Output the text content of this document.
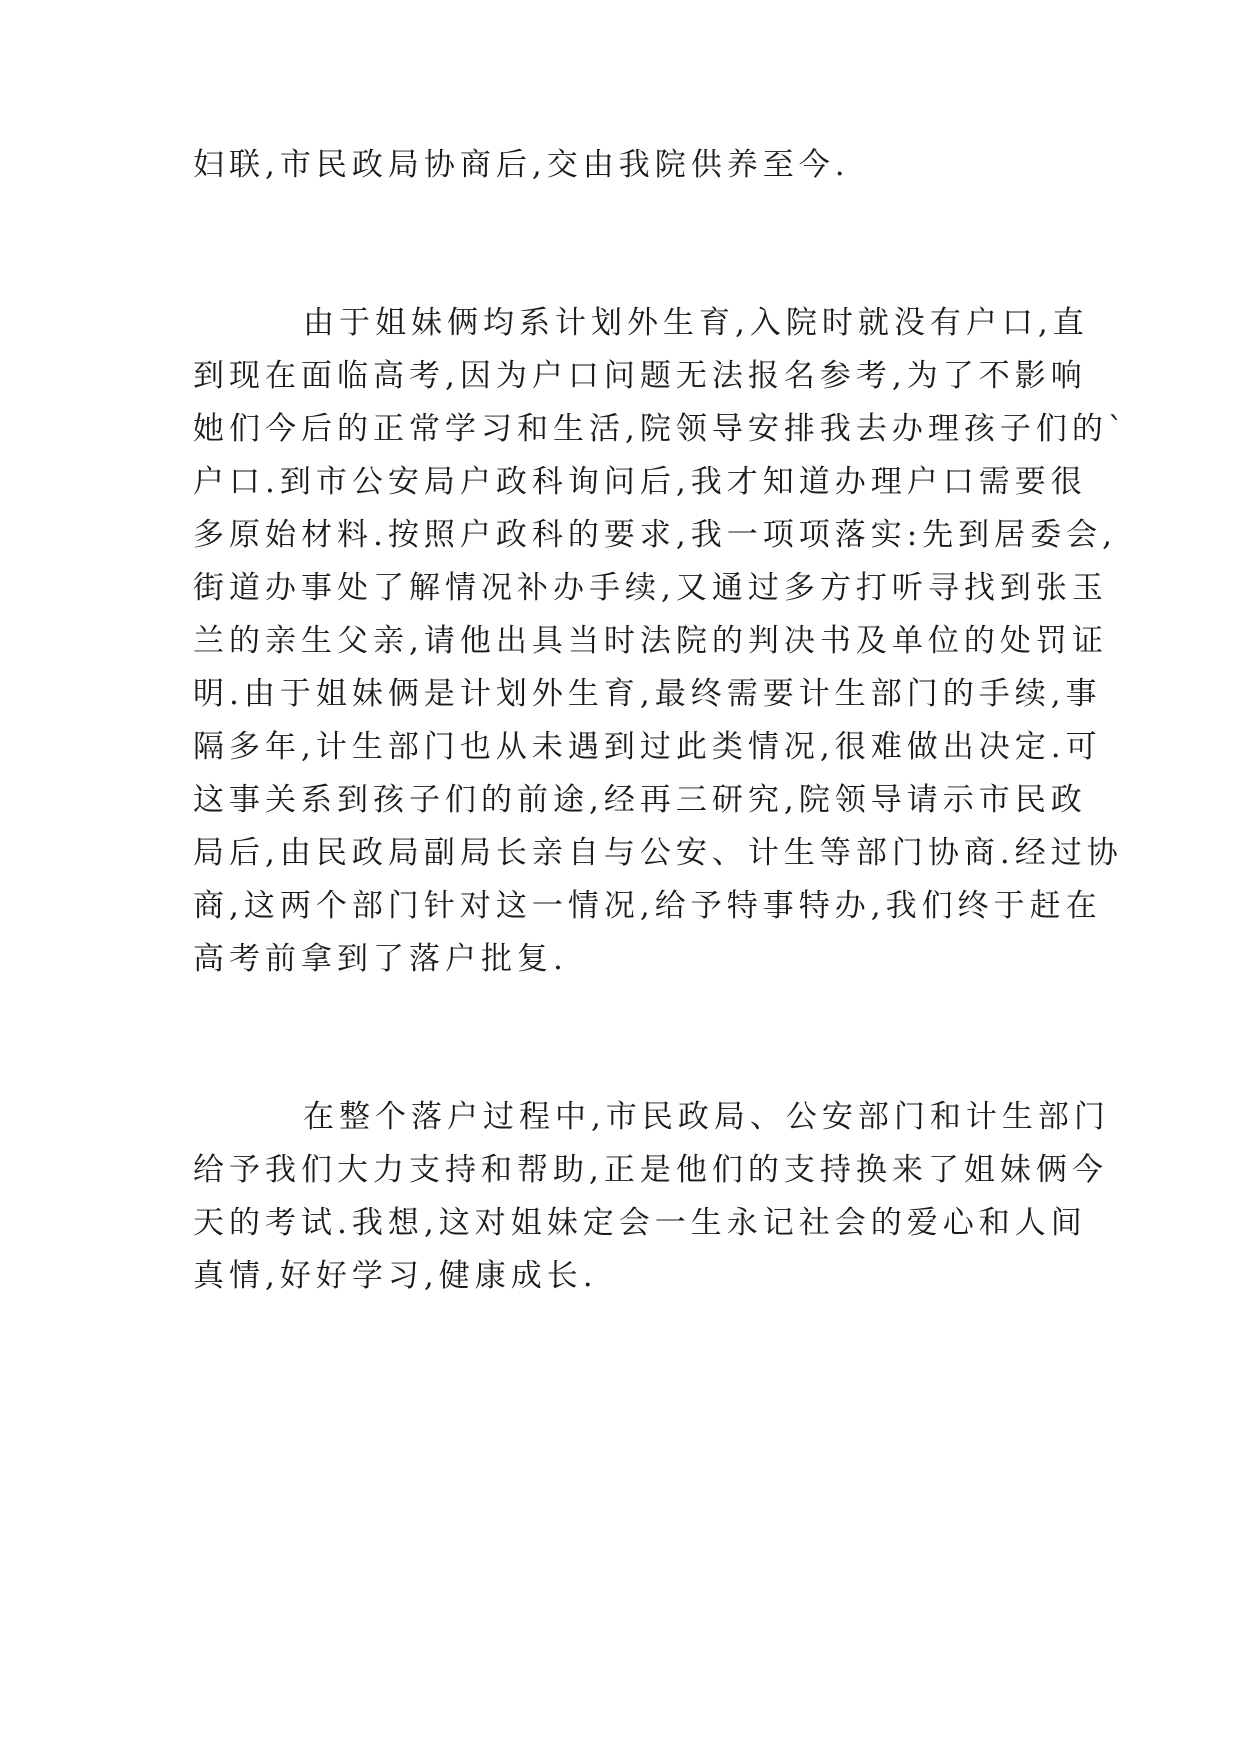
妇联,市民政局协商后,交由我院供养至今.
由 于 姐 妹 俩 均 系 计 划 外 生 育 , 入 院 时 就 没 有 户 口 , 直
到 现 在 面 临 高 考 , 因 为 户 口 问 题 无 法 报 名 参 考 , 为 了 不 影 响
她 们 今 后 的 正 常 学 习 和 生 活 , 院 领 导 安 排 我 去 办 理 孩 子 们 的 `
户 口 . 到 市 公 安 局 户 政 科 询 问 后 , 我 才 知 道 办 理 户 口 需 要 很
多 原 始 材 料 . 按 照 户 政 科 的 要 求 , 我 一 项 项 落 实 : 先 到 居 委 会 ,
街 道 办 事 处 了 解 情 况 补 办 手 续 , 又 通 过 多 方 打 听 寻 找 到 张 玉
兰 的 亲 生 父 亲 , 请 他 出 具 当 时 法 院 的 判 决 书 及 单 位 的 处 罚 证
明 . 由 于 姐 妹 俩 是 计 划 外 生 育 , 最 终 需 要 计 生 部 门 的 手 续 , 事
隔 多 年 , 计 生 部 门 也 从 未 遇 到 过 此 类 情 况 , 很 难 做 出 决 定 . 可
这 事 关 系 到 孩 子 们 的 前 途 , 经 再 三 研 究 , 院 领 导 请 示 市 民 政
局 后 , 由 民 政 局 副 局 长 亲 自 与 公 安 、 计 生 等 部 门 协 商 . 经 过 协
商 , 这 两 个 部 门 针 对 这 一 情 况 , 给 予 特 事 特 办 , 我 们 终 于 赶 在
高考前拿到了落户批复.
在 整 个 落 户 过 程 中 , 市 民 政 局 、 公 安 部 门 和 计 生 部 门
给 予 我 们 大 力 支 持 和 帮 助 , 正 是 他 们 的 支 持 换 来 了 姐 妹 俩 今
天 的 考 试 . 我 想 , 这 对 姐 妹 定 会 一 生 永 记 社 会 的 爱 心 和 人 间
真情,好好学习,健康成长.
